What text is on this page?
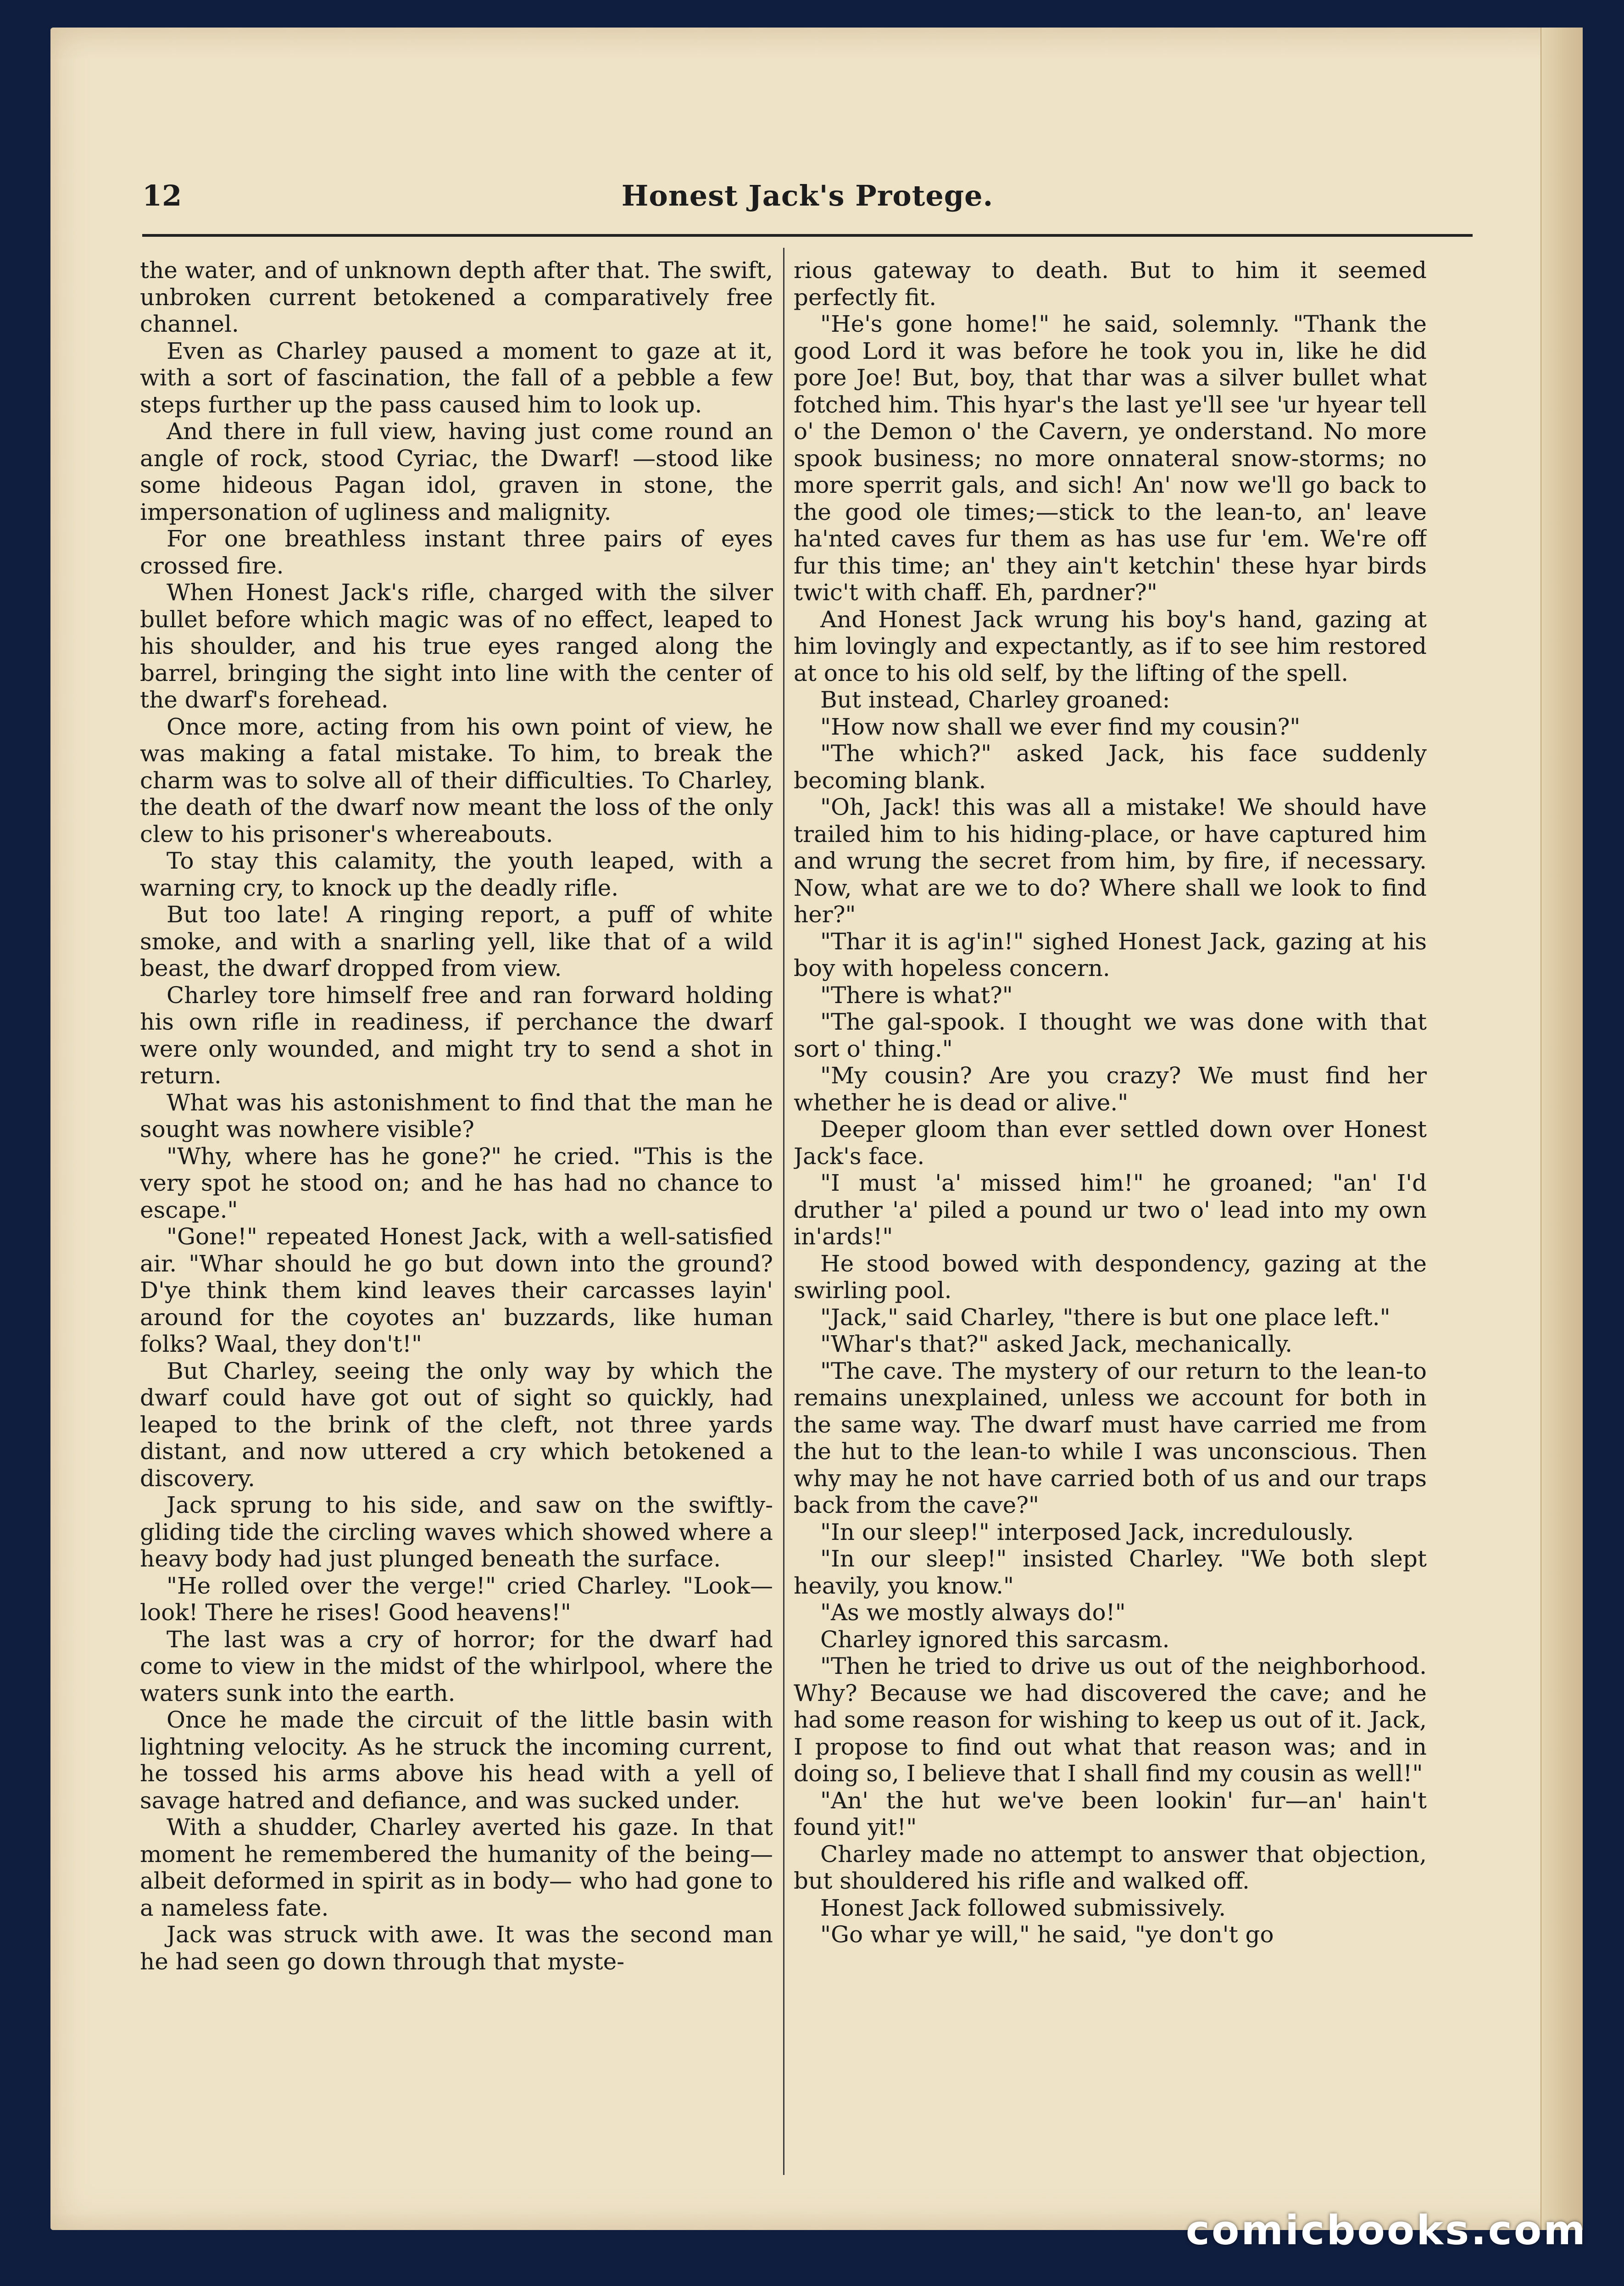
12	Honest Jack's Protege.

the water, and of unknown depth after that. The swift, unbroken current betokened a comparatively free channel.

Even as Charley paused a moment to gaze at it, with a sort of fascination, the fall of a pebble a few steps further up the pass caused him to look up.

And there in full view, having just come round an angle of rock, stood Cyriac, the Dwarf! —stood like some hideous Pagan idol, graven in stone, the impersonation of ugliness and malignity.

For one breathless instant three pairs of eyes crossed fire.

When Honest Jack's rifle, charged with the silver bullet before which magic was of no effect, leaped to his shoulder, and his true eyes ranged along the barrel, bringing the sight into line with the center of the dwarf's forehead.

Once more, acting from his own point of view, he was making a fatal mistake. To him, to break the charm was to solve all of their difficulties. To Charley, the death of the dwarf now meant the loss of the only clew to his prisoner's whereabouts.

To stay this calamity, the youth leaped, with a warning cry, to knock up the deadly rifle.

But too late! A ringing report, a puff of white smoke, and with a snarling yell, like that of a wild beast, the dwarf dropped from view.

Charley tore himself free and ran forward holding his own rifle in readiness, if perchance the dwarf were only wounded, and might try to send a shot in return.

What was his astonishment to find that the man he sought was nowhere visible?

"Why, where has he gone?" he cried. "This is the very spot he stood on; and he has had no chance to escape."

"Gone!" repeated Honest Jack, with a well-satisfied air. "Whar should he go but down into the ground? D'ye think them kind leaves their carcasses layin' around for the coyotes an' buzzards, like human folks? Waal, they don't!"

But Charley, seeing the only way by which the dwarf could have got out of sight so quickly, had leaped to the brink of the cleft, not three yards distant, and now uttered a cry which betokened a discovery.

Jack sprung to his side, and saw on the swiftly-gliding tide the circling waves which showed where a heavy body had just plunged beneath the surface.

"He rolled over the verge!" cried Charley. "Look—look! There he rises! Good heavens!"

The last was a cry of horror; for the dwarf had come to view in the midst of the whirlpool, where the waters sunk into the earth.

Once he made the circuit of the little basin with lightning velocity. As he struck the incoming current, he tossed his arms above his head with a yell of savage hatred and defiance, and was sucked under.

With a shudder, Charley averted his gaze. In that moment he remembered the humanity of the being—albeit deformed in spirit as in body— who had gone to a nameless fate.

Jack was struck with awe. It was the second man he had seen go down through that myste-

rious gateway to death. But to him it seemed perfectly fit.

"He's gone home!" he said, solemnly. "Thank the good Lord it was before he took you in, like he did pore Joe! But, boy, that thar was a silver bullet what fotched him. This hyar's the last ye'll see 'ur hyear tell o' the Demon o' the Cavern, ye onderstand. No more spook business; no more onnateral snow-storms; no more sperrit gals, and sich! An' now we'll go back to the good ole times;—stick to the lean-to, an' leave ha'nted caves fur them as has use fur 'em. We're off fur this time; an' they ain't ketchin' these hyar birds twic't with chaff. Eh, pardner?"

And Honest Jack wrung his boy's hand, gazing at him lovingly and expectantly, as if to see him restored at once to his old self, by the lifting of the spell.

But instead, Charley groaned:

"How now shall we ever find my cousin?"

"The which?" asked Jack, his face suddenly becoming blank.

"Oh, Jack! this was all a mistake! We should have trailed him to his hiding-place, or have captured him and wrung the secret from him, by fire, if necessary. Now, what are we to do? Where shall we look to find her?"

"Thar it is ag'in!" sighed Honest Jack, gazing at his boy with hopeless concern.

"There is what?"

"The gal-spook. I thought we was done with that sort o' thing."

"My cousin? Are you crazy? We must find her whether he is dead or alive."

Deeper gloom than ever settled down over Honest Jack's face.

"I must 'a' missed him!" he groaned; "an' I'd druther 'a' piled a pound ur two o' lead into my own in'ards!"

He stood bowed with despondency, gazing at the swirling pool.

"Jack," said Charley, "there is but one place left."

"Whar's that?" asked Jack, mechanically.

"The cave. The mystery of our return to the lean-to remains unexplained, unless we account for both in the same way. The dwarf must have carried me from the hut to the lean-to while I was unconscious. Then why may he not have carried both of us and our traps back from the cave?"

"In our sleep!" interposed Jack, incredulously.

"In our sleep!" insisted Charley. "We both slept heavily, you know."

"As we mostly always do!"

Charley ignored this sarcasm.

"Then he tried to drive us out of the neighborhood. Why? Because we had discovered the cave; and he had some reason for wishing to keep us out of it. Jack, I propose to find out what that reason was; and in doing so, I believe that I shall find my cousin as well!"

"An' the hut we've been lookin' fur—an' hain't found yit!"

Charley made no attempt to answer that objection, but shouldered his rifle and walked off.

Honest Jack followed submissively.

"Go whar ye will," he said, "ye don't go

comicbooks.com
